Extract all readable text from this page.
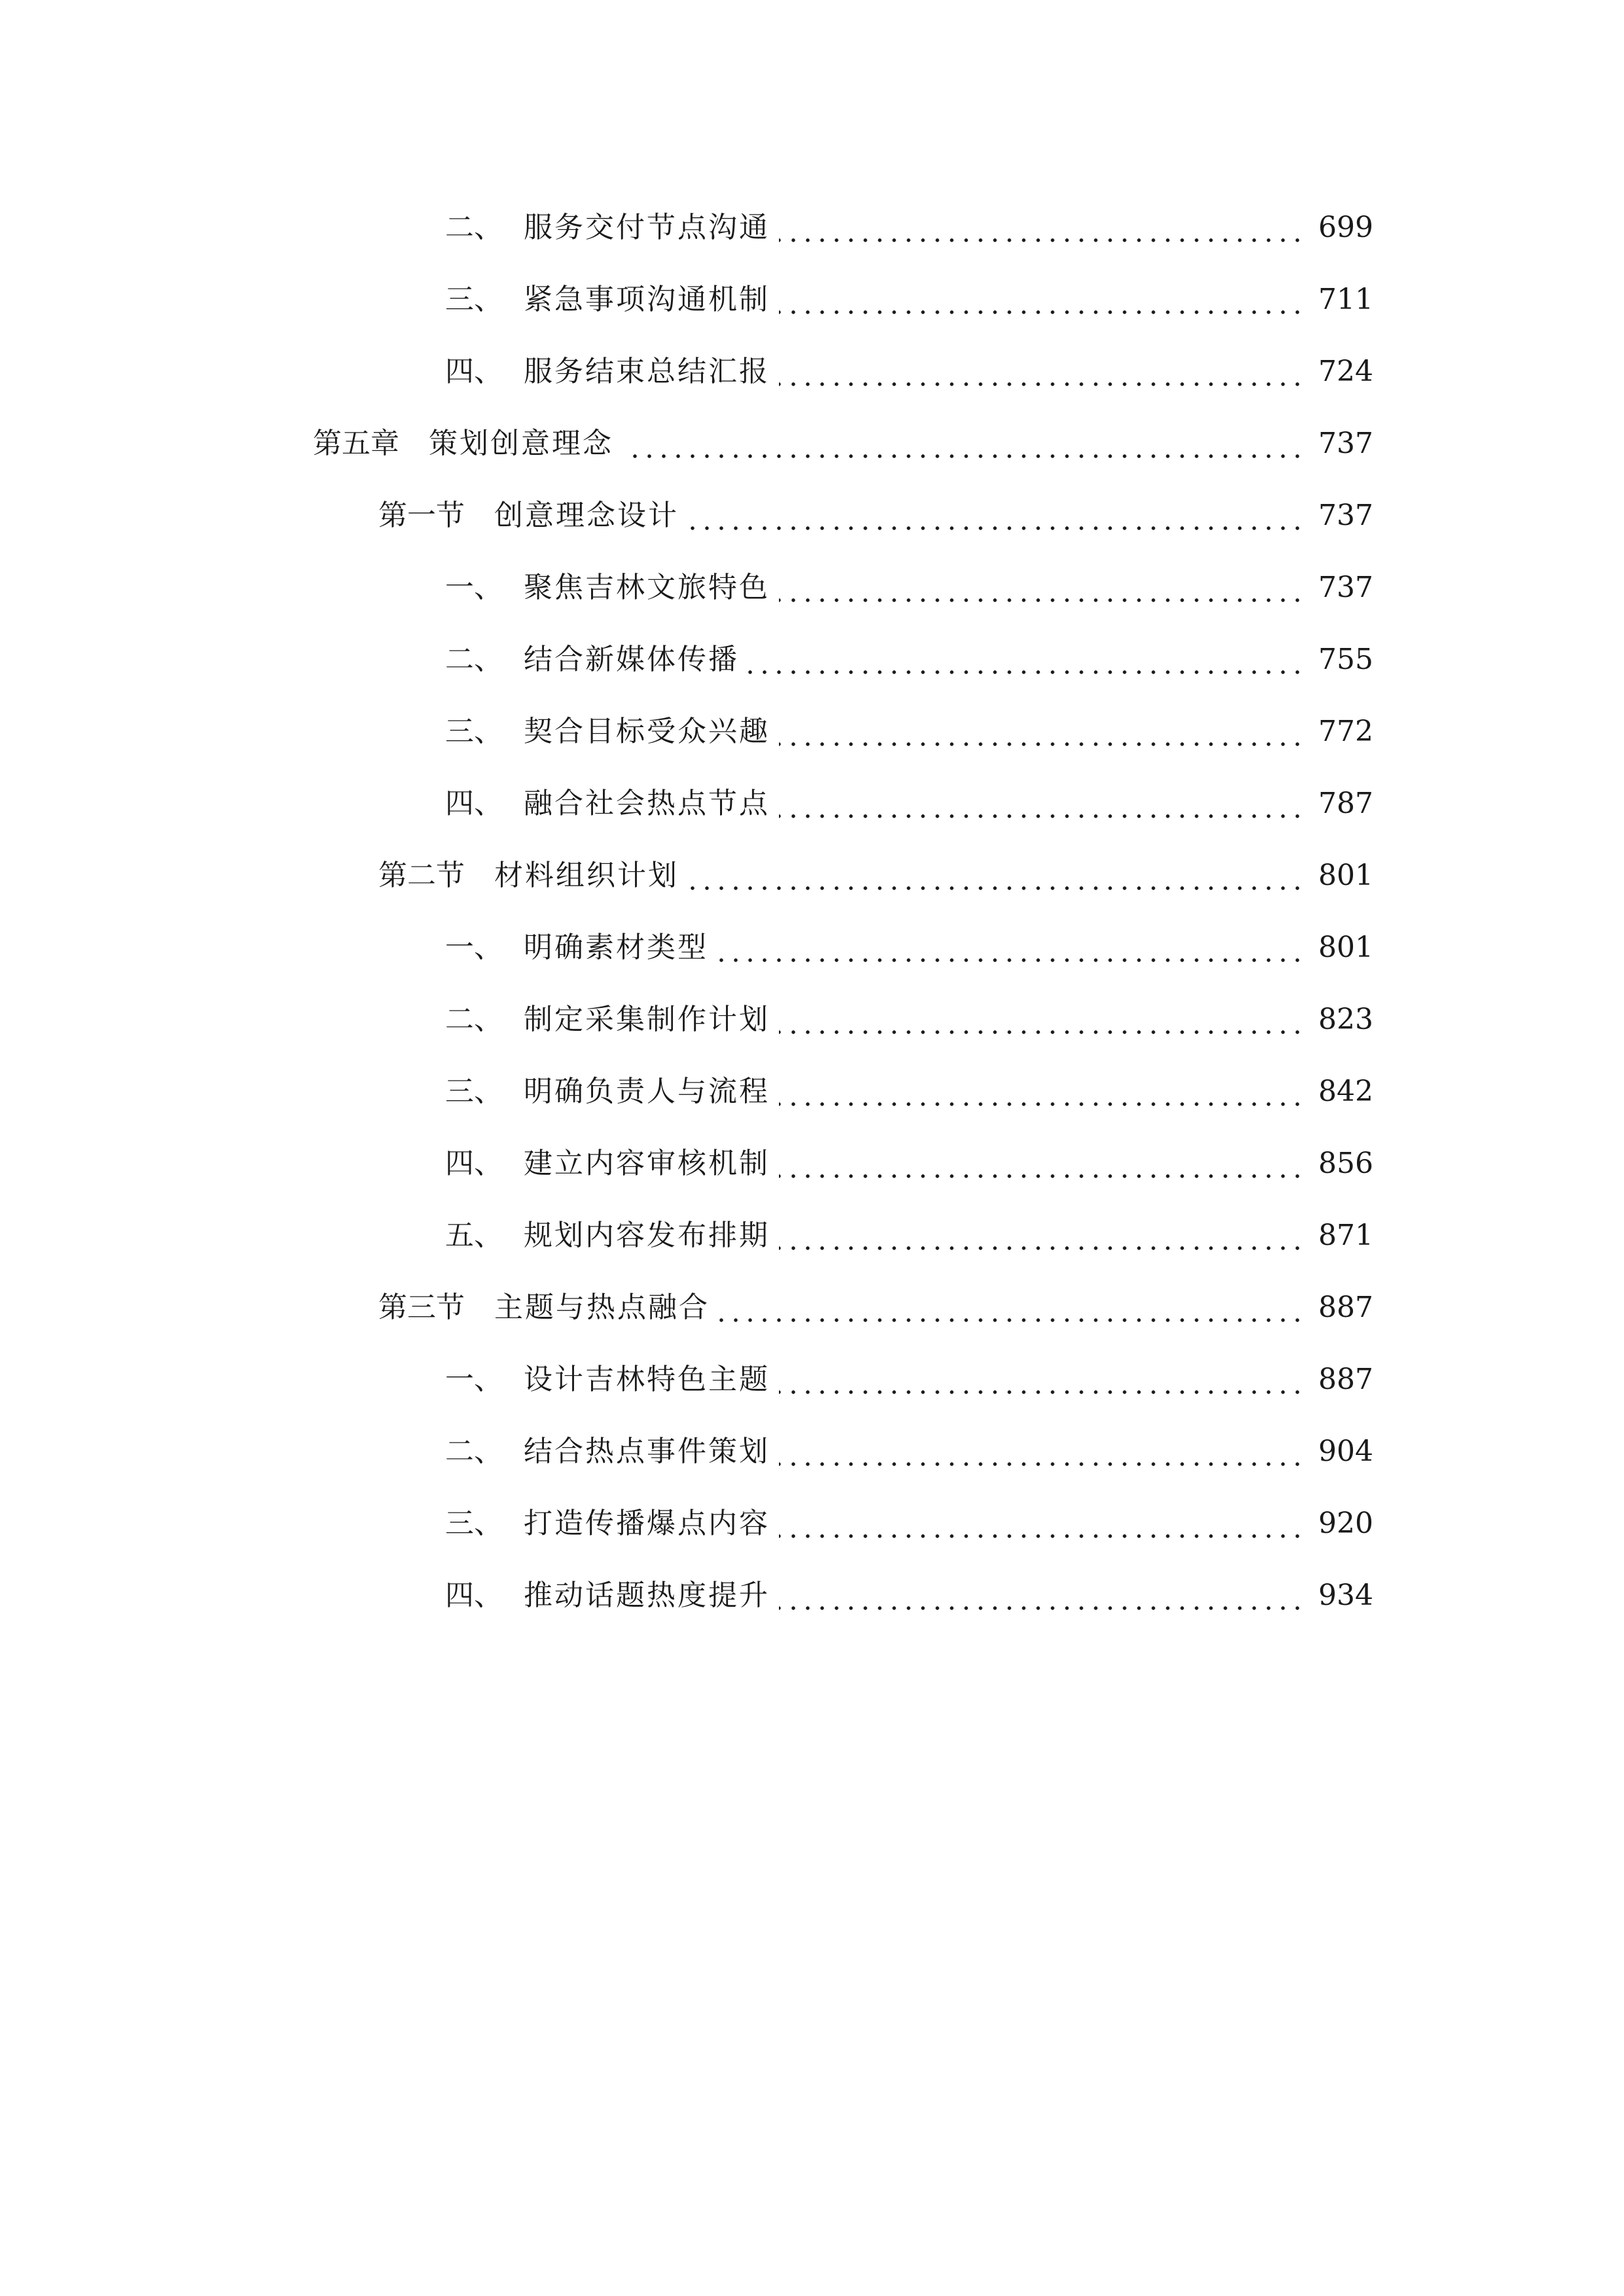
二、 服务交付节点沟通	699
三、 紧急事项沟通机制	711
四、 服务结束总结汇报	724
第五章 策划创意理念	737
第一节 创意理念设计	737
一、 聚焦吉林文旅特色	737
二、 结合新媒体传播	755
三、 契合目标受众兴趣	772
四、 融合社会热点节点	787
第二节 材料组织计划	801
一、 明确素材类型	801
二、 制定采集制作计划	823
三、 明确负责人与流程	842
四、 建立内容审核机制	856
五、 规划内容发布排期	871
第三节 主题与热点融合	887
一、 设计吉林特色主题	887
二、 结合热点事件策划	904
三、 打造传播爆点内容	920
四、 推动话题热度提升	934
